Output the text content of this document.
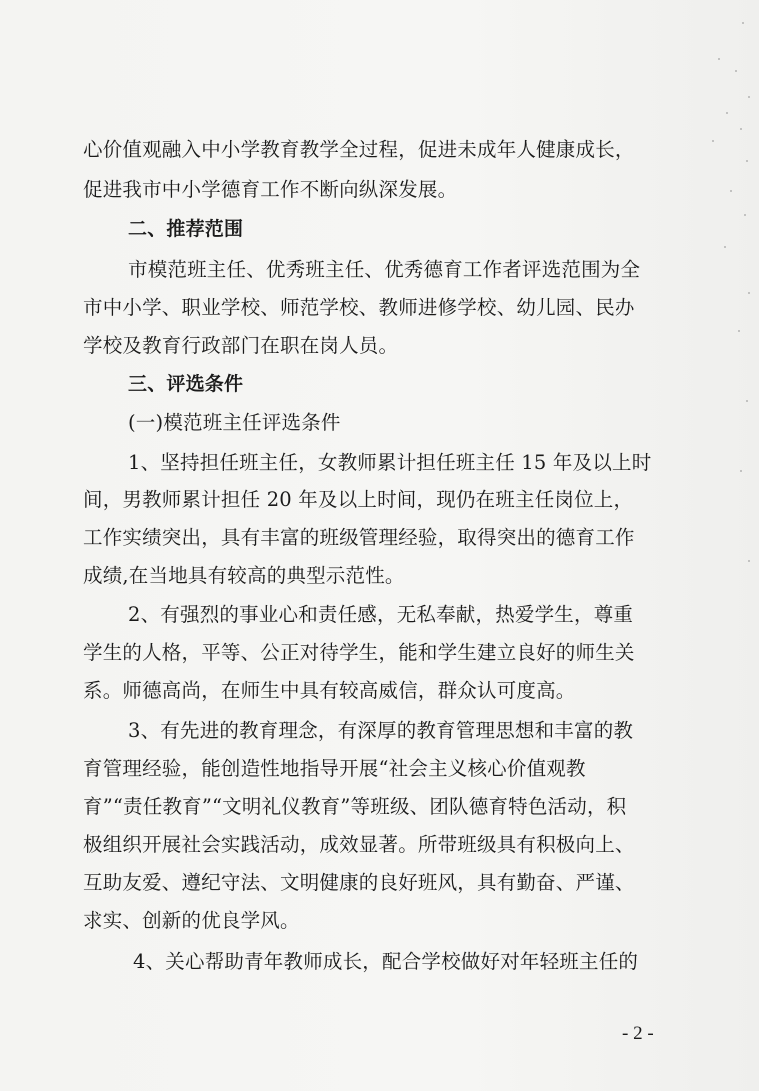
心价值观融入中小学教育教学全过程，促进未成年人健康成长，
促进我市中小学德育工作不断向纵深发展。
二、推荐范围
市模范班主任、优秀班主任、优秀德育工作者评选范围为全
市中小学、职业学校、师范学校、教师进修学校、幼儿园、民办
学校及教育行政部门在职在岗人员。
三、评选条件
(一)模范班主任评选条件
1、坚持担任班主任，女教师累计担任班主任 15 年及以上时
间，男教师累计担任 20 年及以上时间，现仍在班主任岗位上，
工作实绩突出，具有丰富的班级管理经验，取得突出的德育工作
成绩,在当地具有较高的典型示范性。
2、有强烈的事业心和责任感，无私奉献，热爱学生，尊重
学生的人格，平等、公正对待学生，能和学生建立良好的师生关
系。师德高尚，在师生中具有较高威信，群众认可度高。
3、有先进的教育理念，有深厚的教育管理思想和丰富的教
育管理经验，能创造性地指导开展“社会主义核心价值观教
育”“责任教育”“文明礼仪教育”等班级、团队德育特色活动，积
极组织开展社会实践活动，成效显著。所带班级具有积极向上、
互助友爱、遵纪守法、文明健康的良好班风，具有勤奋、严谨、
求实、创新的优良学风。
4、关心帮助青年教师成长，配合学校做好对年轻班主任的
- 2 -
